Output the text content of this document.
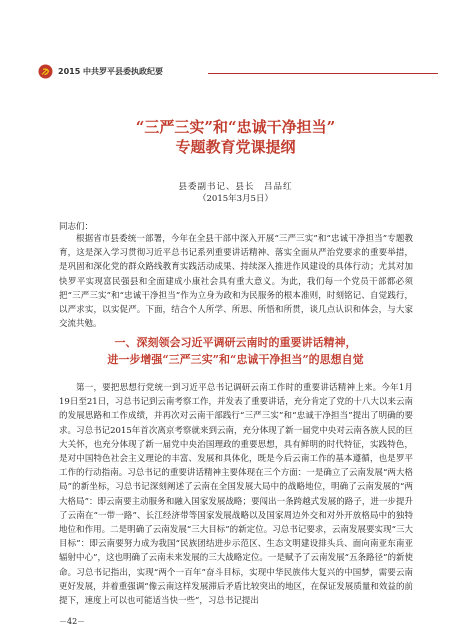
2015 中共罗平县委执政纪要
“三严三实”和“忠诚干净担当”
专题教育党课提纲
县委副书记、县长　吕品红
（2015年3月5日）
同志们：

根据省市县委统一部署，今年在全县干部中深入开展“三严三实”和“忠诚干净担当”专题教育，这是深入学习贯彻习近平总书记系列重要讲话精神、落实全面从严治党要求的重要举措，是巩固和深化党的群众路线教育实践活动成果、持续深入推进作风建设的具体行动；尤其对加快罗平实现富民强县和全面建成小康社会具有重大意义。为此，我们每一个党员干部都必须把“三严三实”和“忠诚干净担当”作为立身为政和为民服务的根本准则，时刻铭记、自觉践行，以严求实，以实促严。下面，结合个人所学、所思、所悟和所贯，谈几点认识和体会，与大家交流共勉。

一、深刻领会习近平调研云南时的重要讲话精神，
进一步增强“三严三实”和“忠诚干净担当”的思想自觉

第一，要把思想行党统一到习近平总书记调研云南工作时的重要讲话精神上来。今年1月19日至21日，习总书记到云南考察工作，并发表了重要讲话，充分肯定了党的十八大以来云南的发展思路和工作成绩，并再次对云南干部践行“三严三实”和“忠诚干净担当”提出了明确的要求。习总书记2015年首次离京考察就来到云南，充分体现了新一届党中央对云南各族人民的巨大关怀，也充分体现了新一届党中央治国理政的重要思想，具有鲜明的时代特征，实践特色，是对中国特色社会主义理论的丰富、发展和具体化，既是今后云南工作的基本遵循，也是罗平工作的行动指南。习总书记的重要讲话精神主要体现在三个方面：一是确立了云南发展“两大格局”的新坐标，习总书记深刻阐述了云南在全国发展大局中的战略地位，明确了云南发展的“两大格局”：即云南要主动服务和融入国家发展战略；要闯出一条跨越式发展的路子，进一步提升了云南在“一带一路”、长江经济带等国家发展战略以及国家周边外交和对外开放格局中的独特地位和作用。二是明确了云南发展“三大目标”的新定位。习总书记要求，云南发展要实现“三大目标”：即云南要努力成为我国“民族团结进步示范区、生态文明建设排头兵、面向南亚东南亚辐射中心”，这也明确了云南未来发展的三大战略定位。一是赋予了云南发展“五条路径”的新使命。习总书记指出，实现“两个一百年”奋斗目标，实现中华民族伟大复兴的中国梦，需要云南更好发展，并着重强调“像云南这样发展滞后矛盾比较突出的地区，在保证发展质量和效益的前提下，速度上可以也可能适当快一些”，习总书记提出

－42－
